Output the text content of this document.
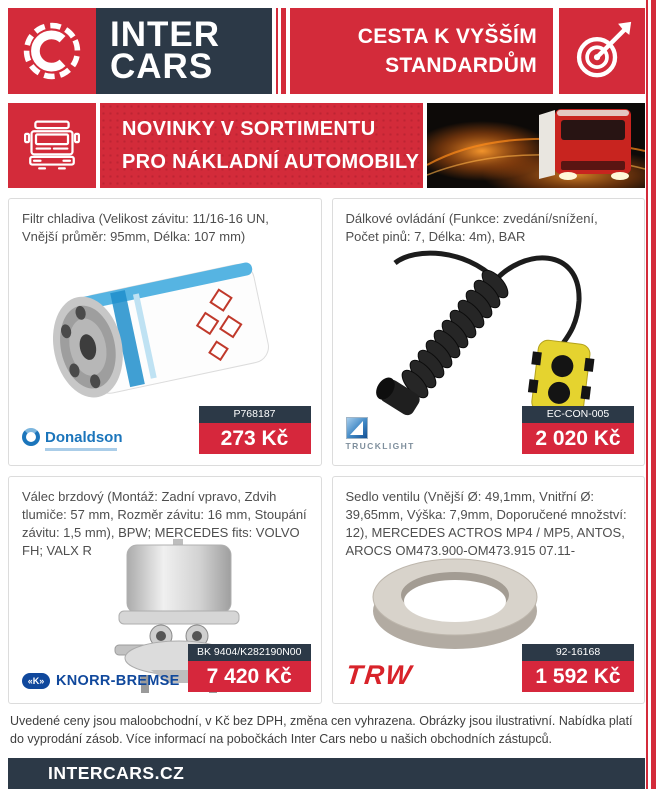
INTER
CARS
CESTA K VYŠŠÍM
STANDARDŮM
NOVINKY V SORTIMENTU
PRO NÁKLADNÍ AUTOMOBILY

Filtr chladiva (Velikost závitu: 11/16-16 UN, Vnější průměr: 95mm, Délka: 107 mm)

Donaldson
P768187
273 Kč

Dálkové ovládání (Funkce: zvedání/snížení, Počet pinů: 7, Délka: 4m), BAR

TRUCKLIGHT
EC-CON-005
2 020 Kč

Válec brzdový (Montáž: Zadní vpravo, Zdvih tlumiče: 57 mm, Rozměr závitu: 16 mm, Stoupání závitu: 1,5 mm), BPW; MERCEDES fits: VOLVO FH; VALX R

«K» KNORR-BREMSE
BK 9404/K282190N00
7 420 Kč

Sedlo ventilu (Vnější Ø: 49,1mm, Vnitřní Ø: 39,65mm, Výška: 7,9mm, Doporučené množství: 12), MERCEDES ACTROS MP4 / MP5, ANTOS, AROCS OM473.900-OM473.915 07.11-

TRW
92-16168
1 592 Kč

Uvedené ceny jsou maloobchodní, v Kč bez DPH, změna cen vyhrazena. Obrázky jsou ilustrativní. Nabídka platí do vyprodání zásob. Více informací na pobočkách Inter Cars nebo u našich obchodních zástupců.

INTERCARS.CZ
